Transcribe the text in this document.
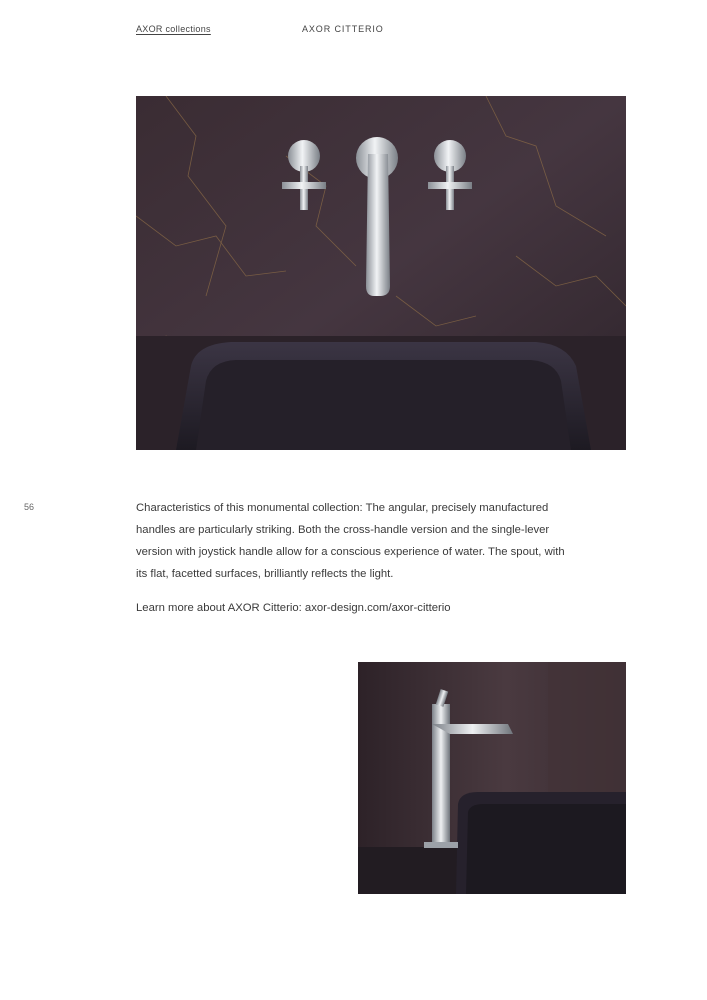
AXOR collections	AXOR CITTERIO
56	Characteristics of this monumental collection: The angular, precisely manufactured handles are particularly striking. Both the cross-handle version and the single-lever version with joystick handle allow for a conscious experience of water. The spout, with its flat, facetted surfaces, brilliantly reflects the light.

Learn more about AXOR Citterio: axor-design.com/axor-citterio
